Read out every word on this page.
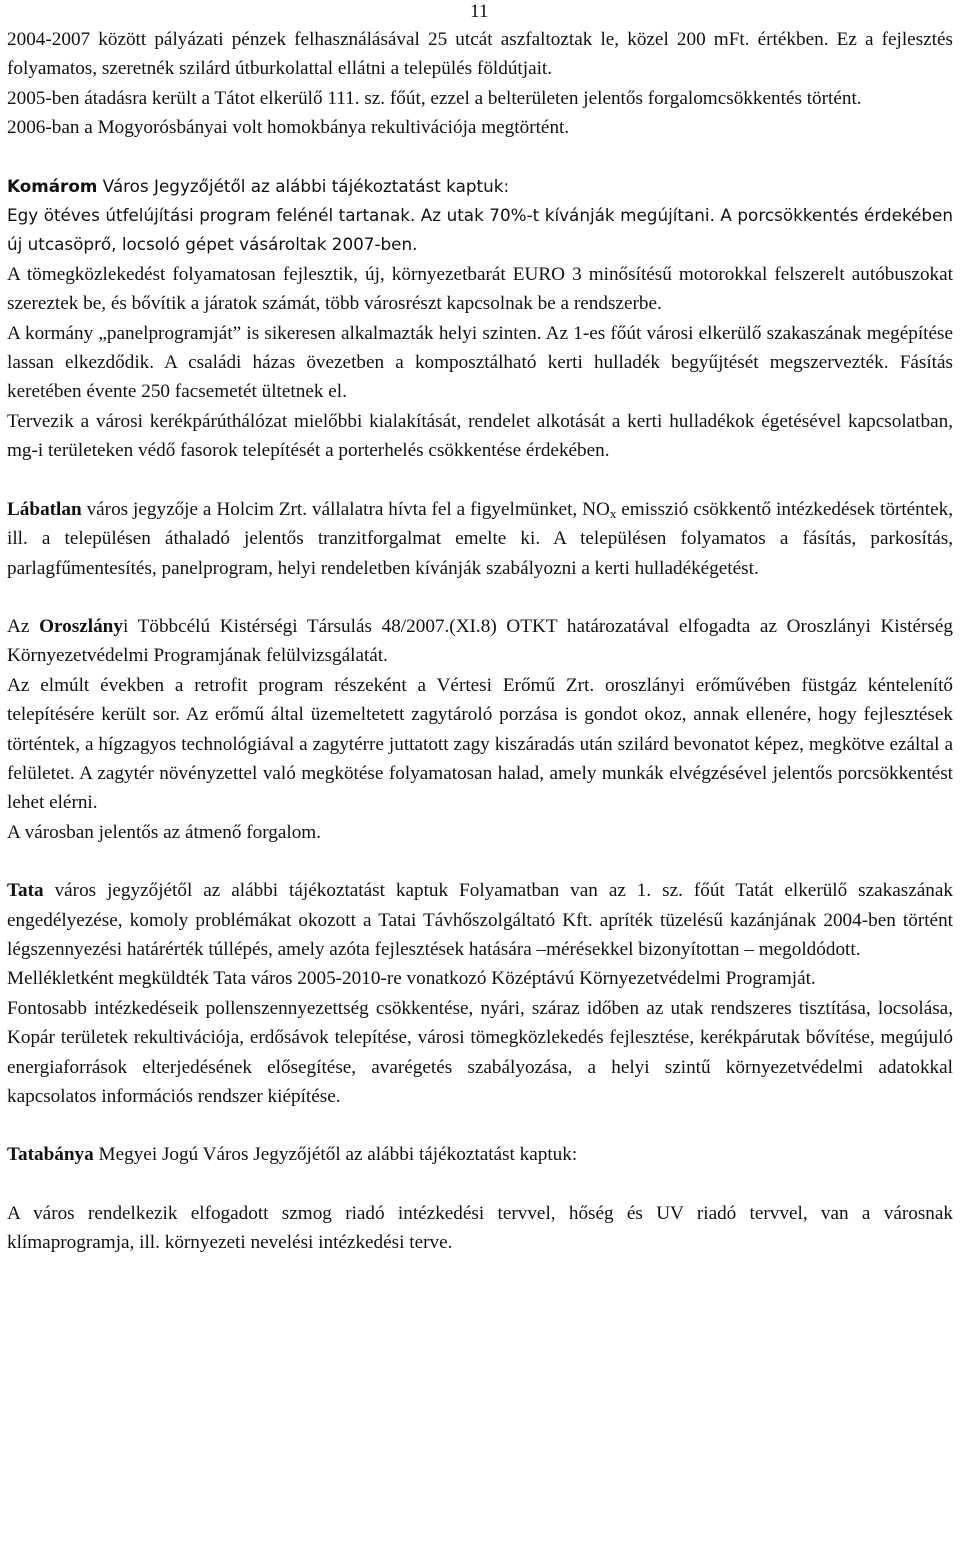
11

2004-2007 között pályázati pénzek felhasználásával 25 utcát aszfaltoztak le, közel 200 mFt. értékben. Ez a fejlesztés folyamatos, szeretnék szilárd útburkolattal ellátni a település földútjait.

2005-ben átadásra került a Tátot elkerülő 111. sz. főút, ezzel a belterületen jelentős forgalomcsökkentés történt.

2006-ban a Mogyorósbányai volt homokbánya rekultivációja megtörtént.

Komárom Város Jegyzőjétől az alábbi tájékoztatást kaptuk:

Egy ötéves útfelújítási program felénél tartanak. Az utak 70%-t kívánják megújítani. A porcsökkentés érdekében új utcasöprő, locsoló gépet vásároltak 2007-ben.

A tömegközlekedést folyamatosan fejlesztik, új, környezetbarát EURO 3 minősítésű motorokkal felszerelt autóbuszokat szereztek be, és bővítik a járatok számát, több városrészt kapcsolnak be a rendszerbe.

A kormány „panelprogramját” is sikeresen alkalmazták helyi szinten. Az 1-es főút városi elkerülő szakaszának megépítése lassan elkezdődik. A családi házas övezetben a komposztálható kerti hulladék begyűjtését megszervezték. Fásítás keretében évente 250 facsemetét ültetnek el.

Tervezik a városi kerékpárúthálózat mielőbbi kialakítását, rendelet alkotását a kerti hulladékok égetésével kapcsolatban, mg-i területeken védő fasorok telepítését a porterhelés csökkentése érdekében.

Lábatlan város jegyzője a Holcim Zrt. vállalatra hívta fel a figyelmünket, $NO_x$ emisszió csökkentő intézkedések történtek, ill. a településen áthaladó jelentős tranzitforgalmat emelte ki. A településen folyamatos a fásítás, parkosítás, parlagfűmentesítés, panelprogram, helyi rendeletben kívánják szabályozni a kerti hulladékégetést.

Az Oroszlányi Többcélú Kistérségi Társulás 48/2007.(XI.8) OTKT határozatával elfogadta az Oroszlányi Kistérség Környezetvédelmi Programjának felülvizsgálatát.

Az elmúlt években a retrofit program részeként a Vértesi Erőmű Zrt. oroszlányi erőművében füstgáz kéntelenítő telepítésére került sor. Az erőmű által üzemeltetett zagytároló porzása is gondot okoz, annak ellenére, hogy fejlesztések történtek, a hígzagyos technológiával a zagytérre juttatott zagy kiszáradás után szilárd bevonatot képez, megkötve ezáltal a felületet. A zagytér növényzettel való megkötése folyamatosan halad, amely munkák elvégzésével jelentős porcsökkentést lehet elérni.

A városban jelentős az átmenő forgalom.

Tata város jegyzőjétől az alábbi tájékoztatást kaptuk Folyamatban van az 1. sz. főút Tatát elkerülő szakaszának engedélyezése, komoly problémákat okozott a Tatai Távhőszolgáltató Kft. apríték tüzelésű kazánjának 2004-ben történt légszennyezési határérték túllépés, amely azóta fejlesztések hatására –mérésekkel bizonyítottan – megoldódott.

Mellékletként megküldték Tata város 2005-2010-re vonatkozó Középtávú Környezetvédelmi Programját.

Fontosabb intézkedéseik pollenszennyezettség csökkentése, nyári, száraz időben az utak rendszeres tisztítása, locsolása, Kopár területek rekultivációja, erdősávok telepítése, városi tömegközlekedés fejlesztése, kerékpárutak bővítése, megújuló energiaforrások elterjedésének elősegítése, avarégetés szabályozása, a helyi szintű környezetvédelmi adatokkal kapcsolatos információs rendszer kiépítése.

Tatabánya Megyei Jogú Város Jegyzőjétől az alábbi tájékoztatást kaptuk:

A város rendelkezik elfogadott szmog riadó intézkedési tervvel, hőség és UV riadó tervvel, van a városnak klímaprogramja, ill. környezeti nevelési intézkedési terve.
